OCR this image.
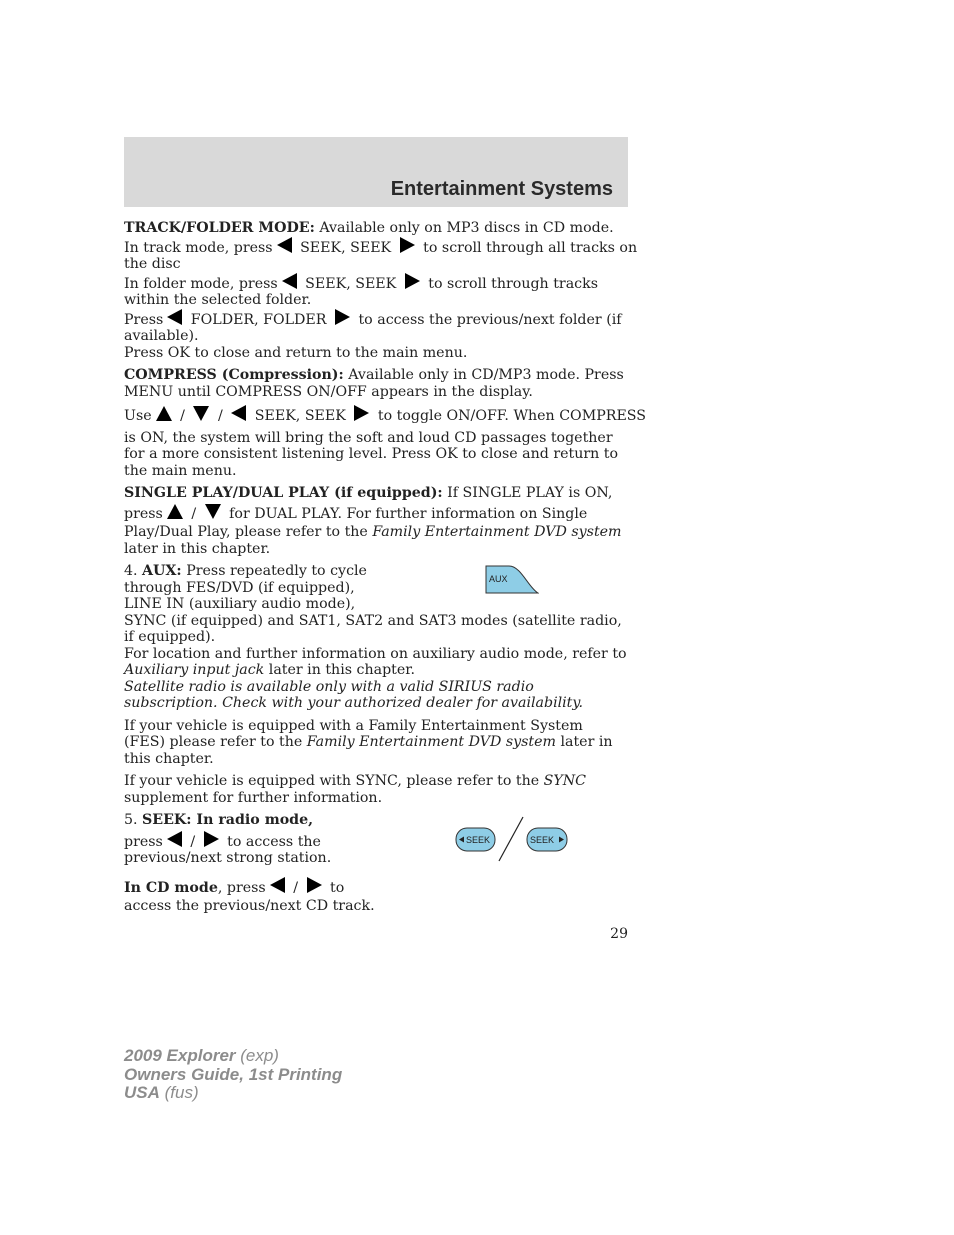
Entertainment Systems
TRACK/FOLDER MODE: Available only on MP3 discs in CD mode.
In track mode, press SEEK, SEEK  to scroll through all tracks on
the disc
In folder mode, press SEEK, SEEK  to scroll through tracks
within the selected folder.
Press FOLDER, FOLDER  to access the previous/next folder (if
available).
Press OK to close and return to the main menu.
COMPRESS (Compression): Available only in CD/MP3 mode. Press
MENU until COMPRESS ON/OFF appears in the display.
Use /  /  SEEK, SEEK  to toggle ON/OFF. When COMPRESS
is ON, the system will bring the soft and loud CD passages together for a more consistent listening level. Press OK to close and return to the main menu.
SINGLE PLAY/DUAL PLAY (if equipped): If SINGLE PLAY is ON,
press /  for DUAL PLAY. For further information on Single
Play/Dual Play, please refer to the Family Entertainment DVD system
later in this chapter.
4. AUX: Press repeatedly to cycle
through FES/DVD (if equipped),
LINE IN (auxiliary audio mode),
SYNC (if equipped) and SAT1, SAT2 and SAT3 modes (satellite radio, if equipped).
For location and further information on auxiliary audio mode, refer to
Auxiliary input jack later in this chapter.
Satellite radio is available only with a valid SIRIUS radio subscription. Check with your authorized dealer for availability.
If your vehicle is equipped with a Family Entertainment System (FES) please refer to the Family Entertainment DVD system later in this chapter.
If your vehicle is equipped with SYNC, please refer to the SYNC
supplement for further information.
5. SEEK: In radio mode,
press /  to access the
previous/next strong station.
In CD mode, press /  to
access the previous/next CD track.
AUX
SEEK	SEEK
29
2009 Explorer (exp)
Owners Guide, 1st Printing
USA (fus)
